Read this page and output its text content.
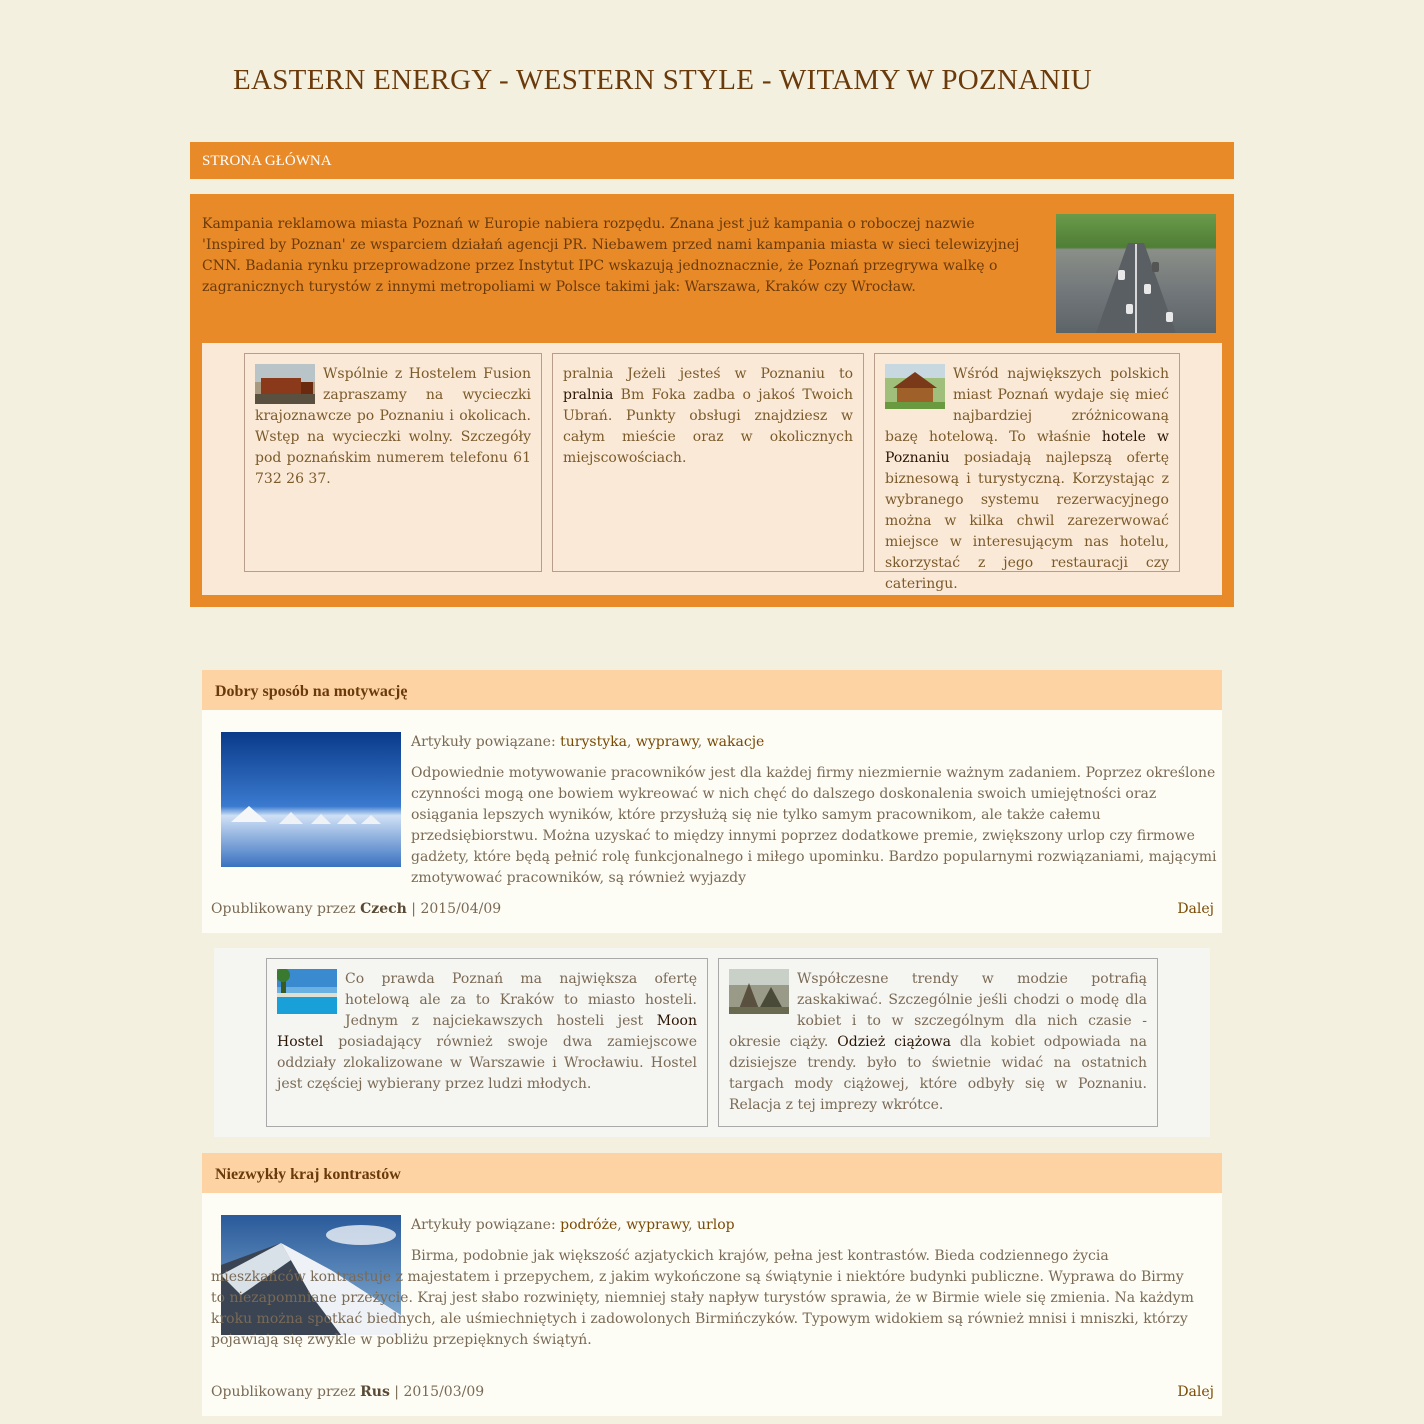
EASTERN ENERGY - WESTERN STYLE - WITAMY W POZNANIU
STRONA GŁÓWNA

Kampania reklamowa miasta Poznań w Europie nabiera rozpędu. Znana jest już kampania o roboczej nazwie 'Inspired by Poznan' ze wsparciem działań agencji PR. Niebawem przed nami kampania miasta w sieci telewizyjnej CNN. Badania rynku przeprowadzone przez Instytut IPC wskazują jednoznacznie, że Poznań przegrywa walkę o zagranicznych turystów z innymi metropoliami w Polsce takimi jak: Warszawa, Kraków czy Wrocław.

Wspólnie z Hostelem Fusion zapraszamy na wycieczki krajoznawcze po Poznaniu i okolicach. Wstęp na wycieczki wolny. Szczegóły pod poznańskim numerem telefonu 61 732 26 37.
pralnia Jeżeli jesteś w Poznaniu to pralnia Bm Foka zadba o jakoś Twoich Ubrań. Punkty obsługi znajdziesz w całym mieście oraz w okolicznych miejscowościach.
Wśród największych polskich miast Poznań wydaje się mieć najbardziej zróżnicowaną bazę hotelową. To właśnie hotele w Poznaniu posiadają najlepszą ofertę biznesową i turystyczną. Korzystając z wybranego systemu rezerwacyjnego można w kilka chwil zarezerwować miejsce w interesującym nas hotelu, skorzystać z jego restauracji czy cateringu.
Dobry sposób na motywację
Artykuły powiązane: turystyka, wyprawy, wakacje

Odpowiednie motywowanie pracowników jest dla każdej firmy niezmiernie ważnym zadaniem. Poprzez określone czynności mogą one bowiem wykreować w nich chęć do dalszego doskonalenia swoich umiejętności oraz osiągania lepszych wyników, które przysłużą się nie tylko samym pracownikom, ale także całemu przedsiębiorstwu. Można uzyskać to między innymi poprzez dodatkowe premie, zwiększony urlop czy firmowe gadżety, które będą pełnić rolę funkcjonalnego i miłego upominku. Bardzo popularnymi rozwiązaniami, mającymi zmotywować pracowników, są również wyjazdy

Opublikowany przez Czech | 2015/04/09	Dalej
Co prawda Poznań ma największa ofertę hotelową ale za to Kraków to miasto hosteli. Jednym z najciekawszych hosteli jest Moon Hostel posiadający również swoje dwa zamiejscowe oddziały zlokalizowane w Warszawie i Wrocławiu. Hostel jest częściej wybierany przez ludzi młodych.
Współczesne trendy w modzie potrafią zaskakiwać. Szczególnie jeśli chodzi o modę dla kobiet i to w szczególnym dla nich czasie - okresie ciąży. Odzież ciążowa dla kobiet odpowiada na dzisiejsze trendy. było to świetnie widać na ostatnich targach mody ciążowej, które odbyły się w Poznaniu. Relacja z tej imprezy wkrótce.
Niezwykły kraj kontrastów
Artykuły powiązane: podróże, wyprawy, urlop

Birma, podobnie jak większość azjatyckich krajów, pełna jest kontrastów. Bieda codziennego życia mieszkańców kontrastuje z majestatem i przepychem, z jakim wykończone są świątynie i niektóre budynki publiczne. Wyprawa do Birmy to niezapomniane przeżycie. Kraj jest słabo rozwinięty, niemniej stały napływ turystów sprawia, że w Birmie wiele się zmienia. Na każdym kroku można spotkać biednych, ale uśmiechniętych i zadowolonych Birmińczyków. Typowym widokiem są również mnisi i mniszki, którzy pojawiają się zwykle w pobliżu przepięknych świątyń.

Opublikowany przez Rus | 2015/03/09	Dalej
